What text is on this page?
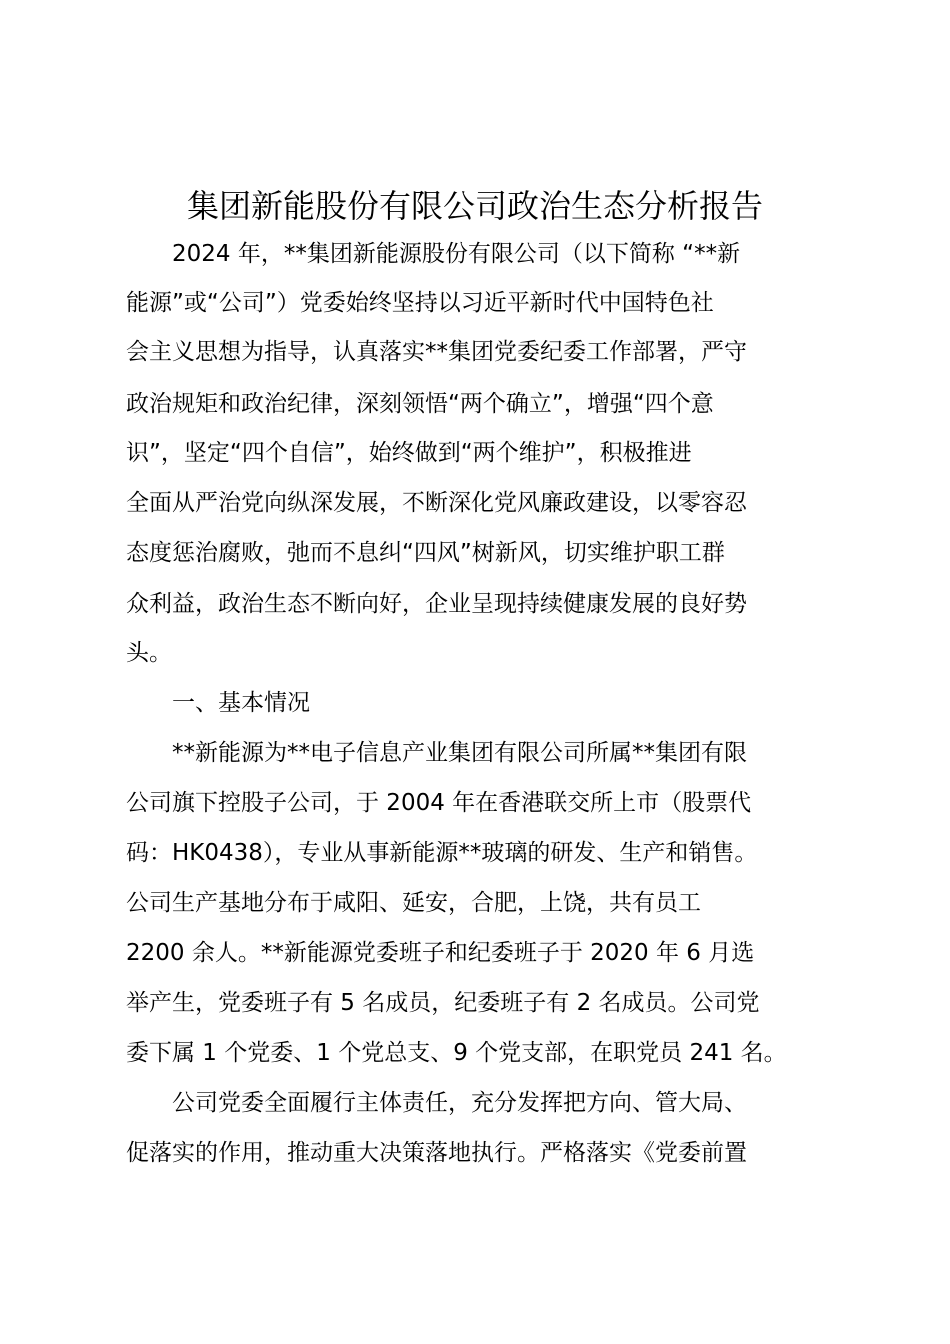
集团新能股份有限公司政治生态分析报告
　　2024 年，**集团新能源股份有限公司（以下简称 “**新
能源”或“公司”）党委始终坚持以习近平新时代中国特色社
会主义思想为指导，认真落实**集团党委纪委工作部署，严守
政治规矩和政治纪律，深刻领悟“两个确立”，增强“四个意
识”，坚定“四个自信”，始终做到“两个维护”，积极推进
全面从严治党向纵深发展，不断深化党风廉政建设，以零容忍
态度惩治腐败，弛而不息纠“四风”树新风，切实维护职工群
众利益，政治生态不断向好，企业呈现持续健康发展的良好势
头。
　　一、基本情况
　　**新能源为**电子信息产业集团有限公司所属**集团有限
公司旗下控股子公司，于 2004 年在香港联交所上市（股票代
码：HK0438），专业从事新能源**玻璃的研发、生产和销售。
公司生产基地分布于咸阳、延安，合肥，上饶，共有员工
2200 余人。**新能源党委班子和纪委班子于 2020 年 6 月选
举产生，党委班子有 5 名成员，纪委班子有 2 名成员。公司党
委下属 1 个党委、1 个党总支、9 个党支部，在职党员 241 名。
　　公司党委全面履行主体责任，充分发挥把方向、管大局、
促落实的作用，推动重大决策落地执行。严格落实《党委前置
